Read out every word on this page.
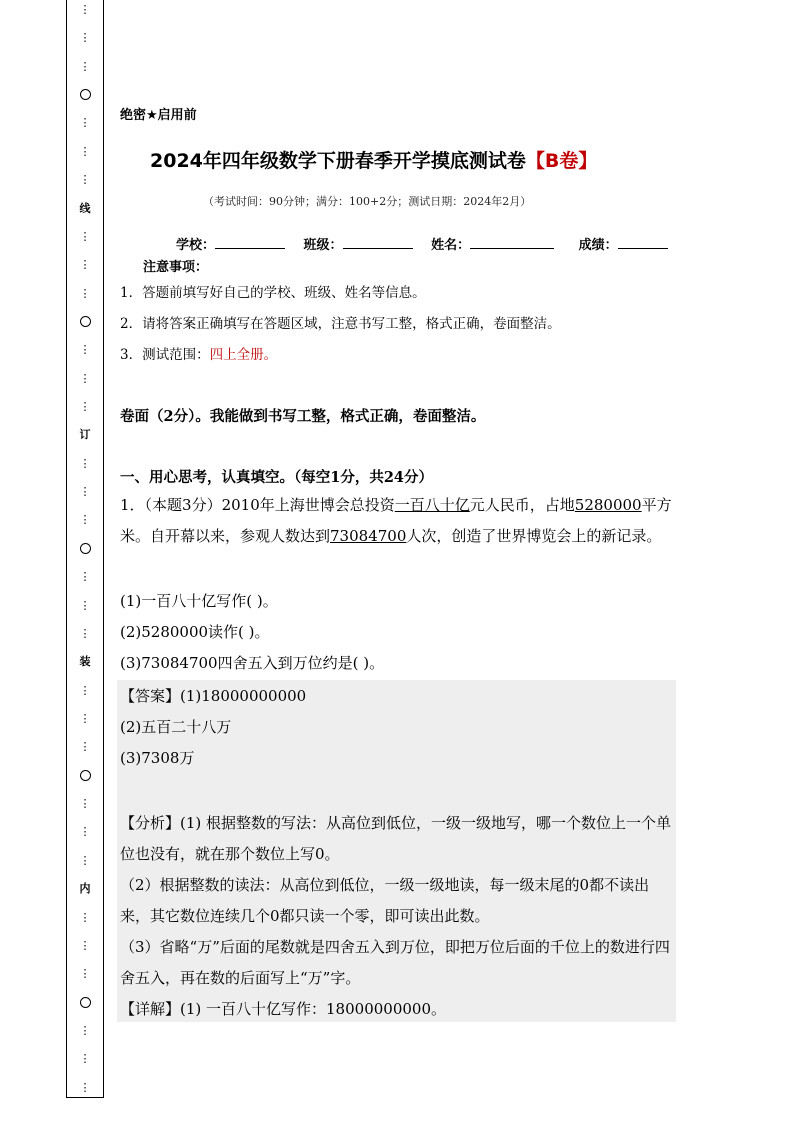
⋮
⋮
⋮
⋮
⋮
⋮
线
⋮
⋮
⋮
⋮
⋮
⋮
订
⋮
⋮
⋮
⋮
⋮
⋮
装
⋮
⋮
⋮
⋮
⋮
⋮
内
⋮
⋮
⋮
⋮
⋮
⋮
绝密★启用前
2024年四年级数学下册春季开学摸底测试卷【B卷】
（考试时间：90分钟；满分：100+2分；测试日期：2024年2月）
学校：	班级：	姓名：	成绩：
注意事项：
1．答题前填写好自己的学校、班级、姓名等信息。
2．请将答案正确填写在答题区域，注意书写工整，格式正确，卷面整洁。
3．测试范围：四上全册。
卷面（2分）。我能做到书写工整，格式正确，卷面整洁。
一、用心思考，认真填空。（每空1分，共24分）
1．（本题3分）2010年上海世博会总投资一百八十亿元人民币，占地5280000平方米。自开幕以来，参观人数达到73084700人次，创造了世界博览会上的新记录。
(1)一百八十亿写作( )。
(2)5280000读作( )。
(3)73084700四舍五入到万位约是( )。
【答案】(1)18000000000
(2)五百二十八万
(3)7308万
【分析】(1) 根据整数的写法：从高位到低位，一级一级地写，哪一个数位上一个单位也没有，就在那个数位上写0。
（2）根据整数的读法：从高位到低位，一级一级地读，每一级末尾的0都不读出来，其它数位连续几个0都只读一个零，即可读出此数。
（3）省略“万”后面的尾数就是四舍五入到万位，即把万位后面的千位上的数进行四舍五入，再在数的后面写上“万”字。
【详解】(1) 一百八十亿写作：18000000000。
